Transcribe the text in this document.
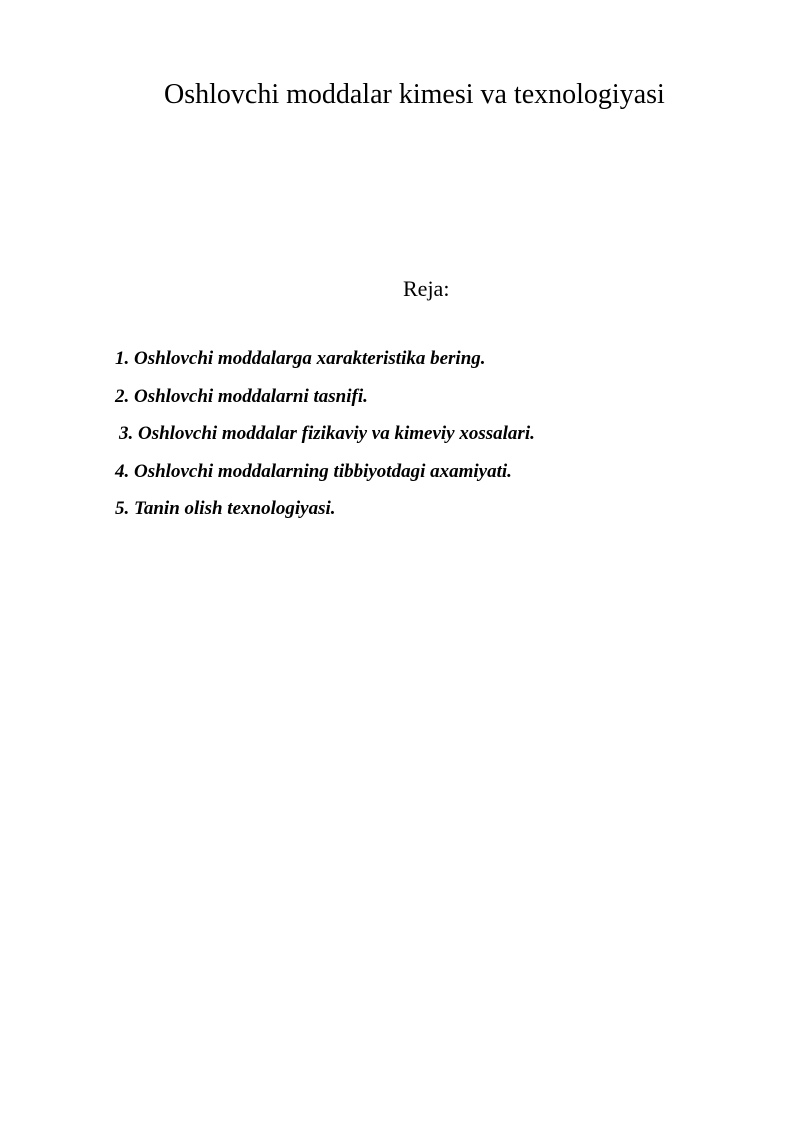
Oshlovchi moddalar kimesi va texnologiyasi
Reja:
1. Oshlovchi moddalarga xarakteristika bering.
2. Oshlovchi moddalarni tasnifi.
3. Oshlovchi moddalar fizikaviy va kimeviy xossalari.
4. Oshlovchi moddalarning tibbiyotdagi axamiyati.
5. Tanin olish texnologiyasi.
